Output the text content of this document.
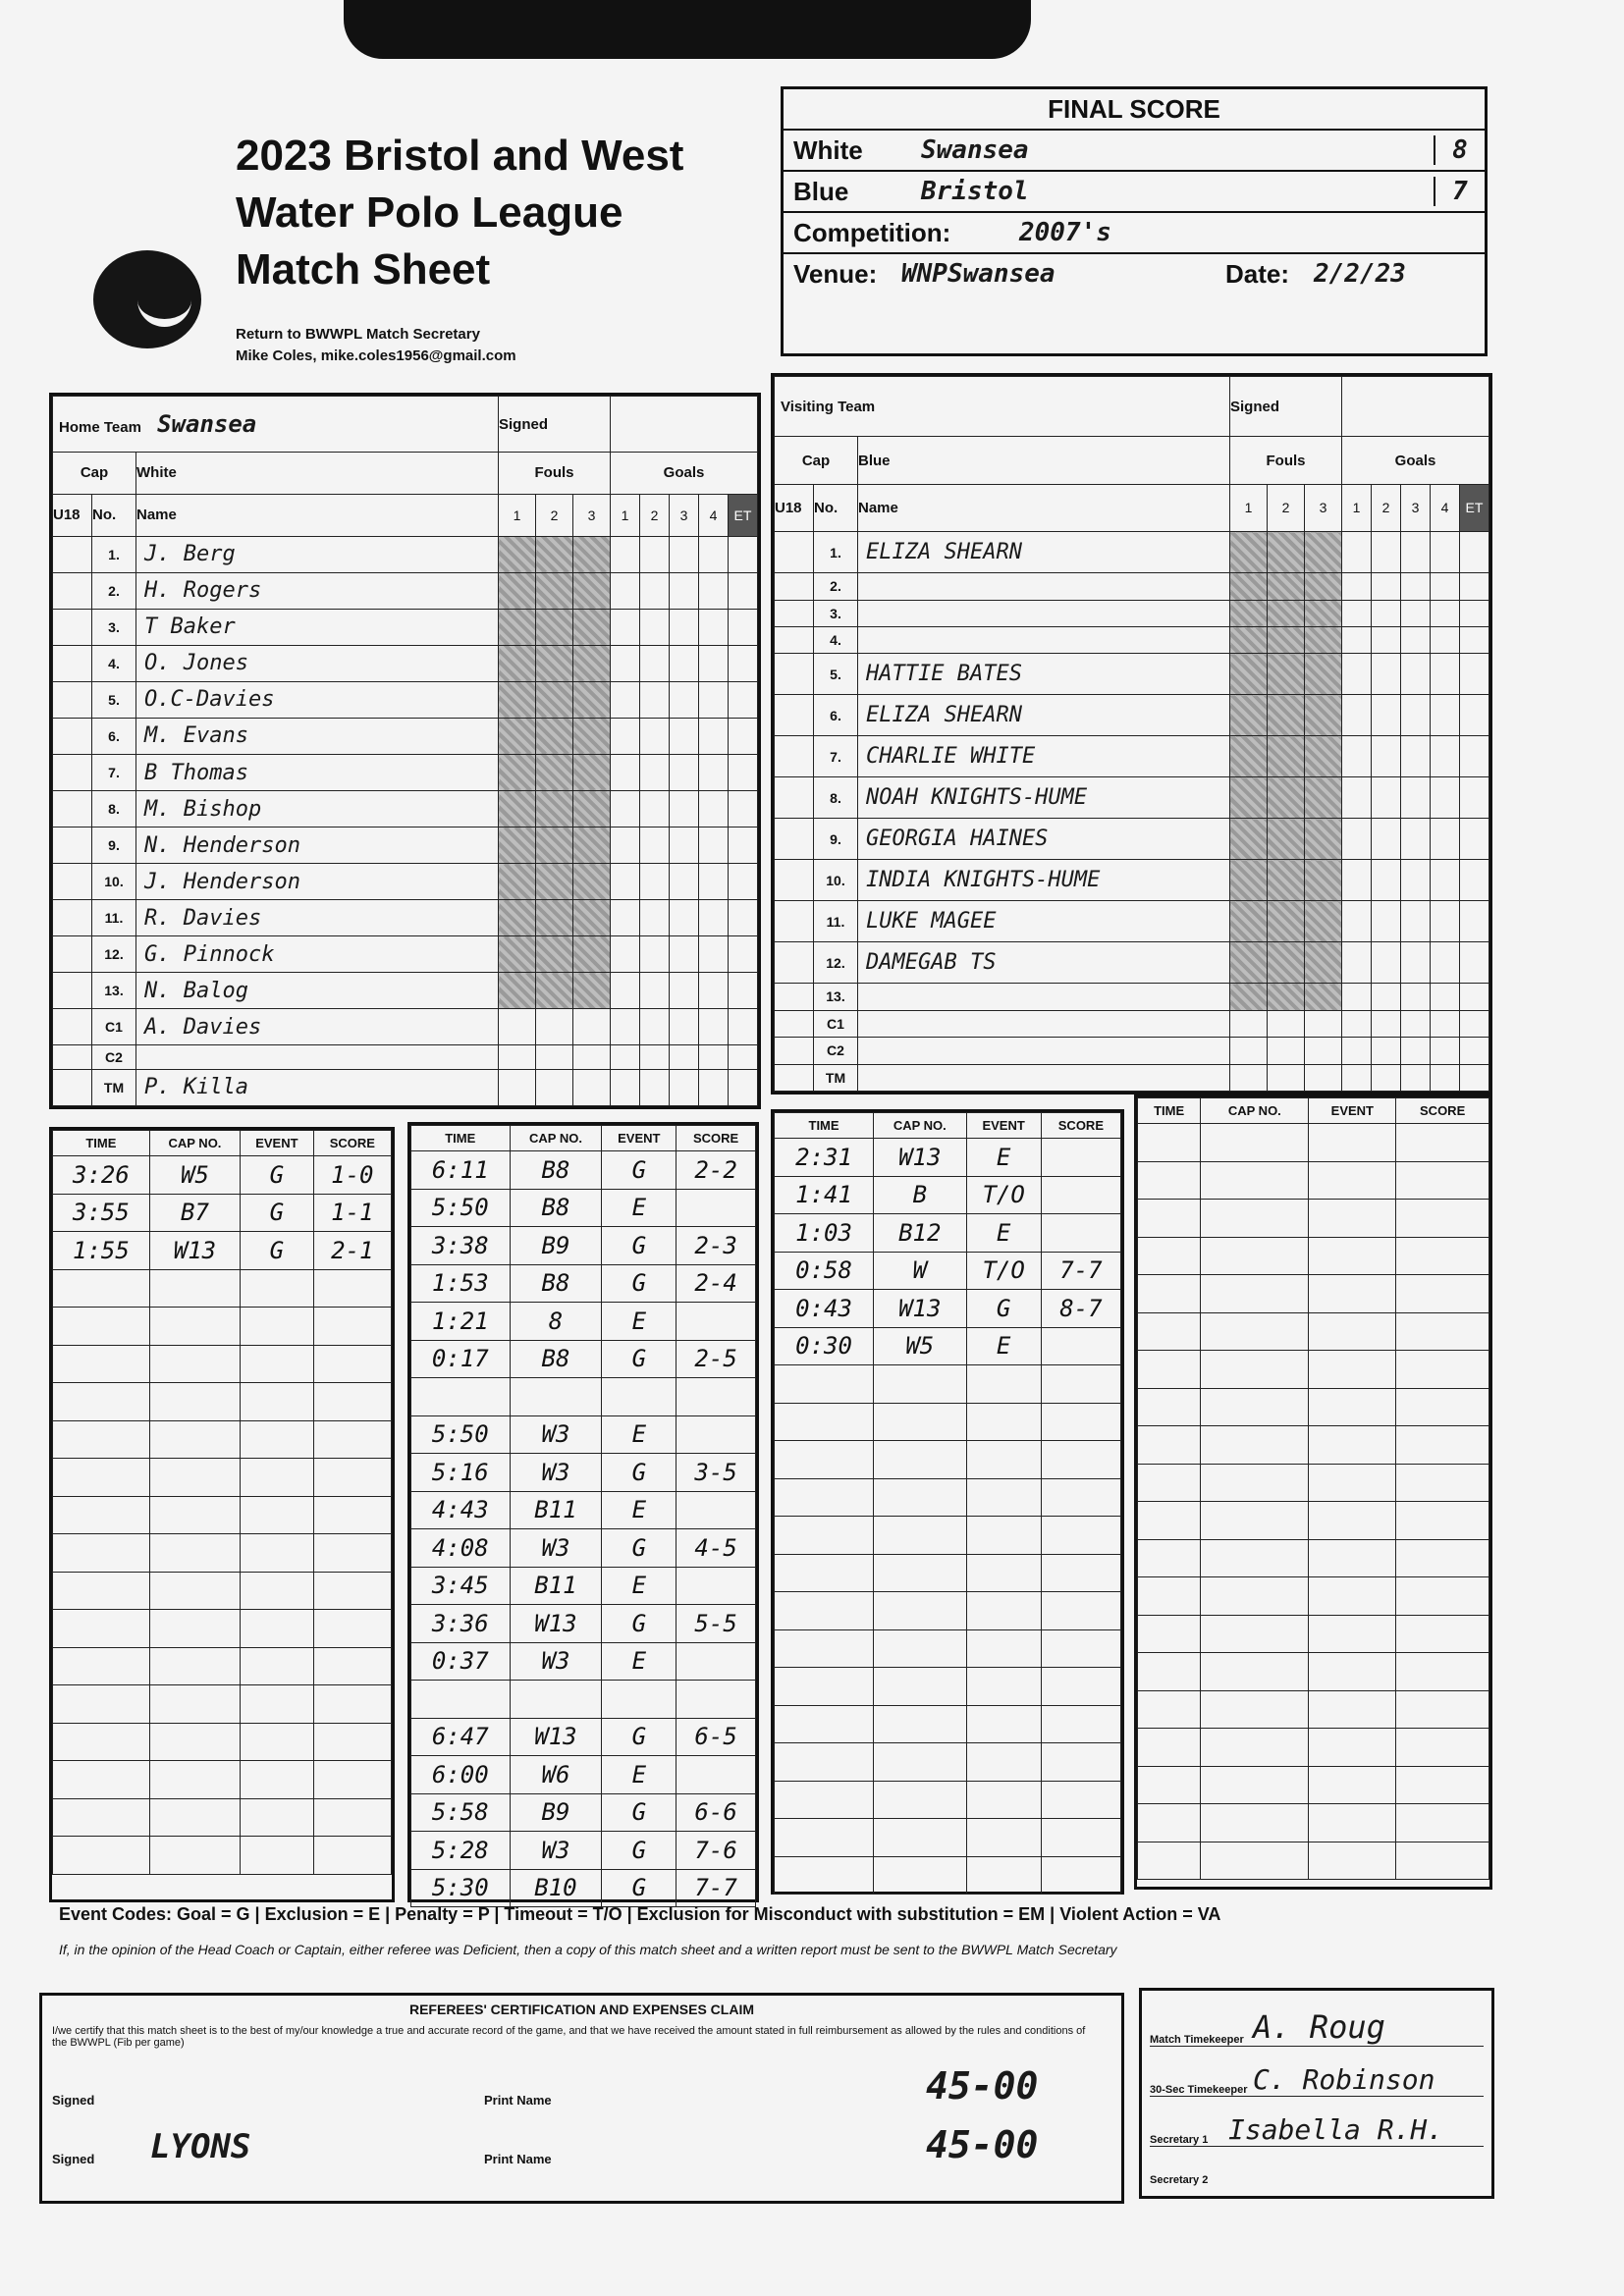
2023 Bristol and West
Water Polo League
Match Sheet
Return to BWWPL Match Secretary
Mike Coles, mike.coles1956@gmail.com
FINAL SCORE
White	Swansea	8
Blue	Bristol	7
Competition:	2007's
Venue: WNPSwansea	Date: 2/2/23
Home Team Swansea			Signed							
Cap		White	Fouls			Goals				
U18	No.	Name	1	2	3	1	2	3	4	ET
	1.	J. Berg								
	2.	H. Rogers								
	3.	T Baker								
	4.	O. Jones								
	5.	O.C-Davies								
	6.	M. Evans								
	7.	B Thomas								
	8.	M. Bishop								
	9.	N. Henderson								
	10.	J. Henderson								
	11.	R. Davies								
	12.	G. Pinnock								
	13.	N. Balog								
	C1	A. Davies								
	C2									
	TM	P. Killa								
Visiting Team			Signed							
Cap		Blue	Fouls			Goals				
U18	No.	Name	1	2	3	1	2	3	4	ET
	1.	ELIZA SHEARN								
	2.									
	3.									
	4.									
	5.	HATTIE BATES								
	6.	ELIZA SHEARN								
	7.	CHARLIE WHITE								
	8.	NOAH KNIGHTS-HUME								
	9.	GEORGIA HAINES								
	10.	INDIA KNIGHTS-HUME								
	11.	LUKE MAGEE								
	12.	DAMEGAB TS								
	13.									
	C1									
	C2									
	TM									
TIME	CAP NO.	EVENT	SCORE
3:26	W5	G	1-0
3:55	B7	G	1-1
1:55	W13	G	2-1

TIME	CAP NO.	EVENT	SCORE
6:11	B8	G	2-2
5:50	B8	E	
3:38	B9	G	2-3
1:53	B8	G	2-4
1:21	8	E	
0:17	B8	G	2-5

5:50	W3	E	
5:16	W3	G	3-5
4:43	B11	E	
4:08	W3	G	4-5
3:45	B11	E	
3:36	W13	G	5-5
0:37	W3	E	

6:47	W13	G	6-5
6:00	W6	E	
5:58	B9	G	6-6
5:28	W3	G	7-6
5:30	B10	G	7-7
TIME	CAP NO.	EVENT	SCORE
2:31	W13	E	
1:41	B	T/O	
1:03	B12	E	
0:58	W	T/O	7-7
0:43	W13	G	8-7
0:30	W5	E	

TIME	CAP NO.	EVENT	SCORE

Event Codes: Goal = G | Exclusion = E | Penalty = P | Timeout = T/O | Exclusion for Misconduct with substitution = EM | Violent Action = VA
If, in the opinion of the Head Coach or Captain, either referee was Deficient, then a copy of this match sheet and a written report must be sent to the BWWPL Match Secretary
REFEREES' CERTIFICATION AND EXPENSES CLAIM
I/we certify that this match sheet is to the best of my/our knowledge a true and accurate record of the game, and that we have received the amount stated in full reimbursement as allowed by the rules and conditions of the BWWPL (Fib per game)
Signed	Print Name	45-00
Signed	LYONS	Print Name	45-00
Match Timekeeper A. Roug
30-Sec Timekeeper C. Robinson
Secretary 1 Isabella R.H.
Secretary 2
